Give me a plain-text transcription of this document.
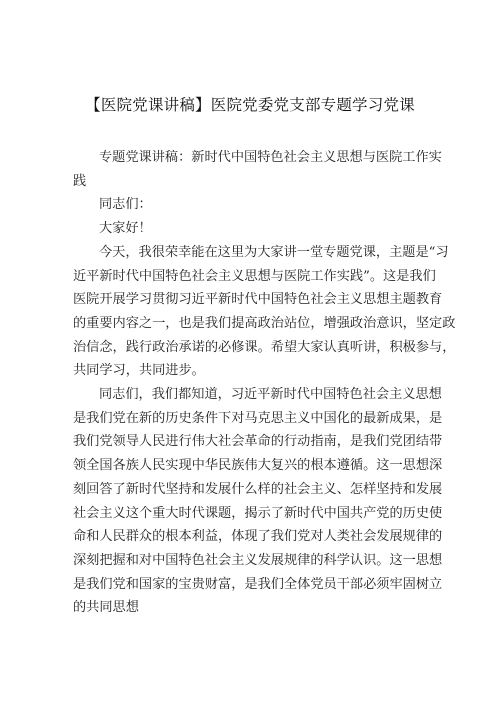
【医院党课讲稿】医院党委党支部专题学习党课

专题党课讲稿：新时代中国特色社会主义思想与医院工作实
践

同志们：

大家好！

今天，我很荣幸能在这里为大家讲一堂专题党课，主题是“习
近平新时代中国特色社会主义思想与医院工作实践”。这是我们
医院开展学习贯彻习近平新时代中国特色社会主义思想主题教育
的重要内容之一，也是我们提高政治站位，增强政治意识，坚定政
治信念，践行政治承诺的必修课。希望大家认真听讲，积极参与，
共同学习，共同进步。

同志们，我们都知道，习近平新时代中国特色社会主义思想
是我们党在新的历史条件下对马克思主义中国化的最新成果，是
我们党领导人民进行伟大社会革命的行动指南，是我们党团结带
领全国各族人民实现中华民族伟大复兴的根本遵循。这一思想深
刻回答了新时代坚持和发展什么样的社会主义、怎样坚持和发展
社会主义这个重大时代课题，揭示了新时代中国共产党的历史使
命和人民群众的根本利益，体现了我们党对人类社会发展规律的
深刻把握和对中国特色社会主义发展规律的科学认识。这一思想
是我们党和国家的宝贵财富，是我们全体党员干部必须牢固树立
的共同思想
